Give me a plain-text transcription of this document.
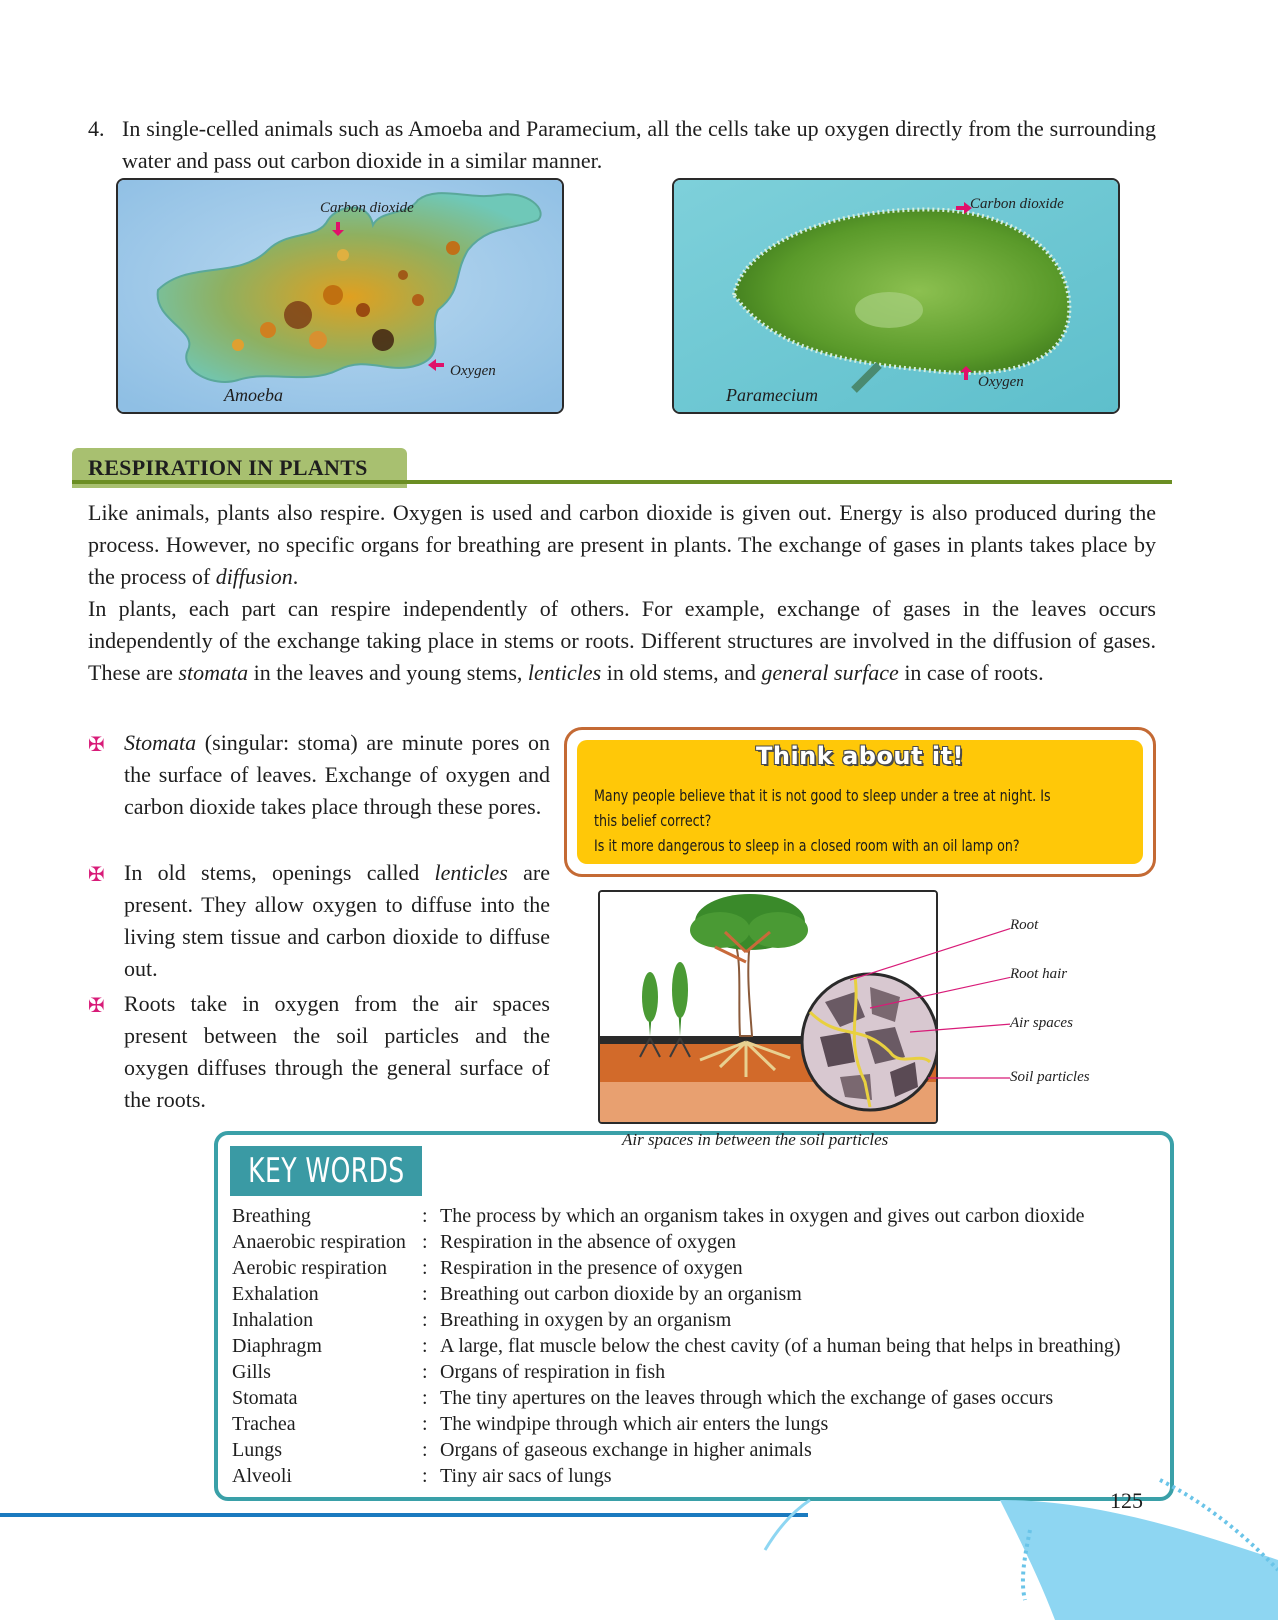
4. In single-celled animals such as Amoeba and Paramecium, all the cells take up oxygen directly from the surrounding water and pass out carbon dioxide in a similar manner.
Carbon dioxide
Oxygen
Amoeba
Carbon dioxide
Oxygen
Paramecium
RESPIRATION IN PLANTS

Like animals, plants also respire. Oxygen is used and carbon dioxide is given out. Energy is also produced during the process. However, no specific organs for breathing are present in plants. The exchange of gases in plants takes place by the process of diffusion.

In plants, each part can respire independently of others. For example, exchange of gases in the leaves occurs independently of the exchange taking place in stems or roots. Different structures are involved in the diffusion of gases. These are stomata in the leaves and young stems, lenticles in old stems, and general surface in case of roots.

✠ Stomata (singular: stoma) are minute pores on the surface of leaves. Exchange of oxygen and carbon dioxide takes place through these pores.
✠ In old stems, openings called lenticles are present. They allow oxygen to diffuse into the living stem tissue and carbon dioxide to diffuse out.
✠ Roots take in oxygen from the air spaces present between the soil particles and the oxygen diffuses through the general surface of the roots.
Think about it!
Many people believe that it is not good to sleep under a tree at night. Is
this belief correct?
Is it more dangerous to sleep in a closed room with an oil lamp on?
Root
Root hair
Air spaces
Soil particles
Air spaces in between the soil particles
KEY WORDS
Breathing	: The process by which an organism takes in oxygen and gives out carbon dioxide
Anaerobic respiration : Respiration in the absence of oxygen
Aerobic respiration : Respiration in the presence of oxygen
Exhalation	: Breathing out carbon dioxide by an organism
Inhalation	: Breathing in oxygen by an organism
Diaphragm	: A large, flat muscle below the chest cavity (of a human being that helps in breathing)
Gills	: Organs of respiration in fish
Stomata	: The tiny apertures on the leaves through which the exchange of gases occurs
Trachea	: The windpipe through which air enters the lungs
Lungs	: Organs of gaseous exchange in higher animals
Alveoli	: Tiny air sacs of lungs
125
